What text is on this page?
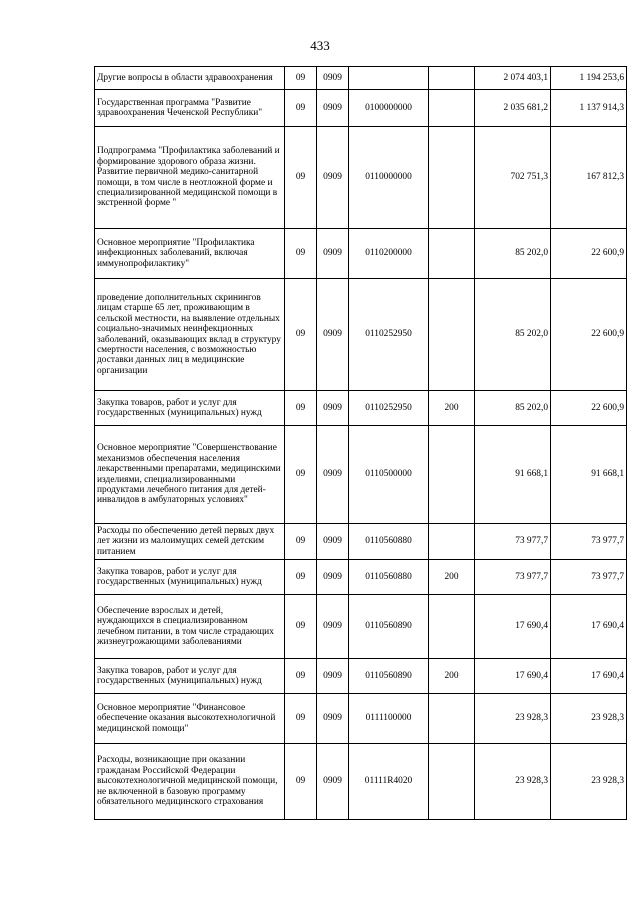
433
Другие вопросы в области здравоохранения	09	0909			2 074 403,1	1 194 253,6
Государственная программа "Развитие здравоохранения Чеченской Республики"	09	0909	0100000000		2 035 681,2	1 137 914,3
Подпрограмма "Профилактика заболеваний и формирование здорового образа жизни. Развитие первичной медико-санитарной помощи, в том числе в неотложной форме и специализированной медицинской помощи в экстренной форме "	09	0909	0110000000		702 751,3	167 812,3
Основное мероприятие "Профилактика инфекционных заболеваний, включая иммунопрофилактику"	09	0909	0110200000		85 202,0	22 600,9
проведение дополнительных скринингов лицам старше 65 лет, проживающим в сельской местности, на выявление отдельных социально-значимых неинфекционных заболеваний, оказывающих вклад в структуру смертности населения, с возможностью доставки данных лиц в медицинские организации	09	0909	0110252950		85 202,0	22 600,9
Закупка товаров, работ и услуг для государственных (муниципальных) нужд	09	0909	0110252950	200	85 202,0	22 600,9
Основное мероприятие "Совершенствование механизмов обеспечения населения лекарственными препаратами, медицинскими изделиями, специализированными продуктами лечебного питания для детей-инвалидов в амбулаторных условиях"	09	0909	0110500000		91 668,1	91 668,1
Расходы по обеспечению детей первых двух лет жизни из малоимущих семей детским питанием	09	0909	0110560880		73 977,7	73 977,7
Закупка товаров, работ и услуг для государственных (муниципальных) нужд	09	0909	0110560880	200	73 977,7	73 977,7
Обеспечение взрослых и детей, нуждающихся в специализированном лечебном питании, в том числе страдающих жизнеугрожающими заболеваниями	09	0909	0110560890		17 690,4	17 690,4
Закупка товаров, работ и услуг для государственных (муниципальных) нужд	09	0909	0110560890	200	17 690,4	17 690,4
Основное мероприятие "Финансовое обеспечение оказания высокотехнологичной медицинской помощи"	09	0909	0111100000		23 928,3	23 928,3
Расходы, возникающие при оказании гражданам Российской Федерации высокотехнологичной медицинской помощи, не включенной в базовую программу обязательного медицинского страхования	09	0909	01111R4020		23 928,3	23 928,3
